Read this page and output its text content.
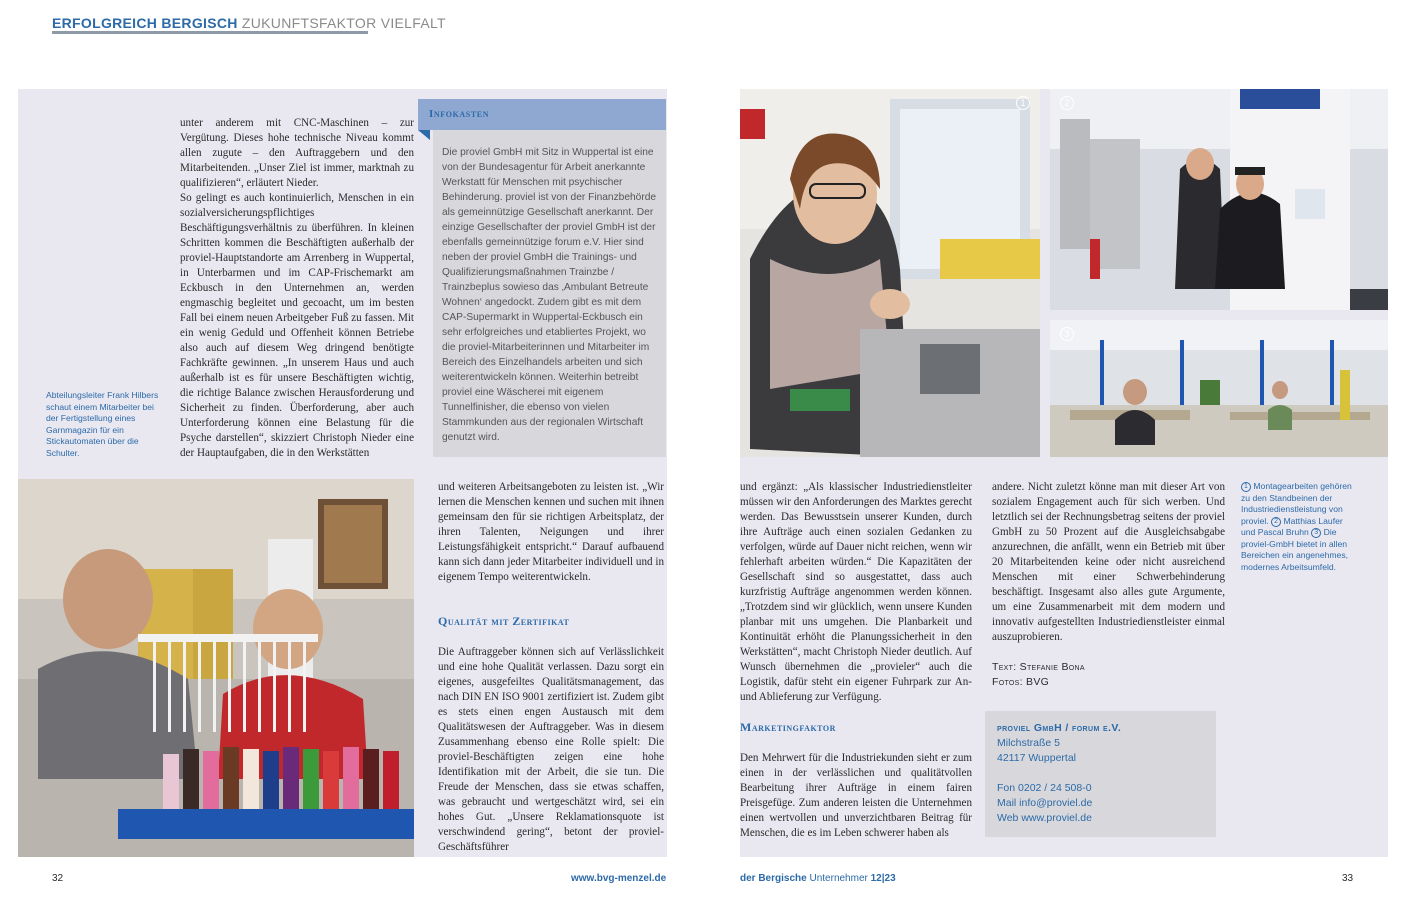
ERFOLGREICH BERGISCH ZUKUNFTSFAKTOR VIELFALT

unter anderem mit CNC-Maschinen – zur Vergütung. Dieses hohe technische Niveau kommt allen zugute – den Auftraggebern und den Mitarbeitenden. „Unser Ziel ist immer, marktnah zu qualifizieren“, erläutert Nieder.

So gelingt es auch kontinuierlich, Menschen in ein sozialversicherungspflichtiges Beschäftigungsverhältnis zu überführen. In kleinen Schritten kommen die Beschäftigten außerhalb der proviel-Hauptstandorte am Arrenberg in Wuppertal, in Unterbarmen und im CAP-Frischemarkt am Eckbusch in den Unternehmen an, werden engmaschig begleitet und gecoacht, um im besten Fall bei einem neuen Arbeitgeber Fuß zu fassen. Mit ein wenig Geduld und Offenheit können Betriebe also auch auf diesem Weg dringend benötigte Fachkräfte gewinnen. „In unserem Haus und auch außerhalb ist es für unsere Beschäftigten wichtig, die richtige Balance zwischen Herausforderung und Sicherheit zu finden. Überforderung, aber auch Unterforderung können eine Belastung für die Psyche darstellen“, skizziert Christoph Nieder eine der Hauptaufgaben, die in den Werkstätten

Abteilungsleiter Frank Hilbers schaut einem Mitarbeiter bei der Fertigstellung eines Garnmagazin für ein Stickautomaten über die Schulter.
Infokasten
Die proviel GmbH mit Sitz in Wuppertal ist eine von der Bundesagentur für Arbeit anerkannte Werkstatt für Menschen mit psychischer Behinderung. proviel ist von der Finanzbehörde als gemeinnützige Gesellschaft anerkannt. Der einzige Gesellschafter der proviel GmbH ist der ebenfalls gemeinnützige forum e.V. Hier sind neben der proviel GmbH die Trainings- und Qualifizierungsmaßnahmen Trainzbe / Trainzbeplus sowieso das ‚Ambulant Betreute Wohnen‘ angedockt. Zudem gibt es mit dem CAP-Supermarkt in Wuppertal-Eckbusch ein sehr erfolgreiches und etabliertes Projekt, wo die proviel-Mitarbeiterinnen und Mitarbeiter im Bereich des Einzelhandels arbeiten und sich weiterentwickeln können. Weiterhin betreibt proviel eine Wäscherei mit eigenem Tunnelfinisher, die ebenso von vielen Stammkunden aus der regionalen Wirtschaft genutzt wird.
und weiteren Arbeitsangeboten zu leisten ist. „Wir lernen die Menschen kennen und suchen mit ihnen gemeinsam den für sie richtigen Arbeitsplatz, der ihren Talenten, Neigungen und ihrer Leistungsfähigkeit entspricht.“ Darauf aufbauend kann sich dann jeder Mitarbeiter individuell und in eigenem Tempo weiterentwickeln.
Qualität mit Zertifikat
Die Auftraggeber können sich auf Verlässlichkeit und eine hohe Qualität verlassen. Dazu sorgt ein eigenes, ausgefeiltes Qualitätsmanagement, das nach DIN EN ISO 9001 zertifiziert ist. Zudem gibt es stets einen engen Austausch mit dem Qualitätswesen der Auftraggeber. Was in diesem Zusammenhang ebenso eine Rolle spielt: Die proviel-Beschäftigten zeigen eine hohe Identifikation mit der Arbeit, die sie tun. Die Freude der Menschen, dass sie etwas schaffen, was gebraucht und wertgeschätzt wird, sei ein hohes Gut. „Unsere Reklamationsquote ist verschwindend gering“, betont der proviel-Geschäftsführer
1	2
3
und ergänzt: „Als klassischer Industriedienstleiter müssen wir den Anforderungen des Marktes gerecht werden. Das Bewusstsein unserer Kunden, durch ihre Aufträge auch einen sozialen Gedanken zu verfolgen, würde auf Dauer nicht reichen, wenn wir fehlerhaft arbeiten würden.“ Die Kapazitäten der Gesellschaft sind so ausgestattet, dass auch kurzfristig Aufträge angenommen werden können. „Trotzdem sind wir glücklich, wenn unsere Kunden planbar mit uns umgehen. Die Planbarkeit und Kontinuität erhöht die Planungssicherheit in den Werkstätten“, macht Christoph Nieder deutlich. Auf Wunsch übernehmen die „provieler“ auch die Logistik, dafür steht ein eigener Fuhrpark zur An- und Ablieferung zur Verfügung.
Marketingfaktor
Den Mehrwert für die Industriekunden sieht er zum einen in der verlässlichen und qualitätvollen Bearbeitung ihrer Aufträge in einem fairen Preisgefüge. Zum anderen leisten die Unternehmen einen wertvollen und unverzichtbaren Beitrag für Menschen, die es im Leben schwerer haben als
andere. Nicht zuletzt könne man mit dieser Art von sozialem Engagement auch für sich werben. Und letztlich sei der Rechnungsbetrag seitens der proviel GmbH zu 50 Prozent auf die Ausgleichsabgabe anzurechnen, die anfällt, wenn ein Betrieb mit über 20 Mitarbeitenden keine oder nicht ausreichend Menschen mit einer Schwerbehinderung beschäftigt. Insgesamt also alles gute Argumente, um eine Zusammenarbeit mit dem modern und innovativ aufgestellten Industriedienstleister einmal auszuprobieren.
Text: Stefanie Bona
Fotos: BVG
proviel GmbH / forum e.V.
Milchstraße 5
42117 Wuppertal
Fon 0202 / 24 508-0
Mail info@proviel.de
Web www.proviel.de
1 Montagearbeiten gehören zu den Standbeinen der Industriedienstleistung von proviel. 2 Matthias Laufer und Pascal Bruhn 3 Die proviel-GmbH bietet in allen Bereichen ein angenehmes, modernes Arbeitsumfeld.
32	www.bvg-menzel.de	der Bergische Unternehmer 12|23	33
